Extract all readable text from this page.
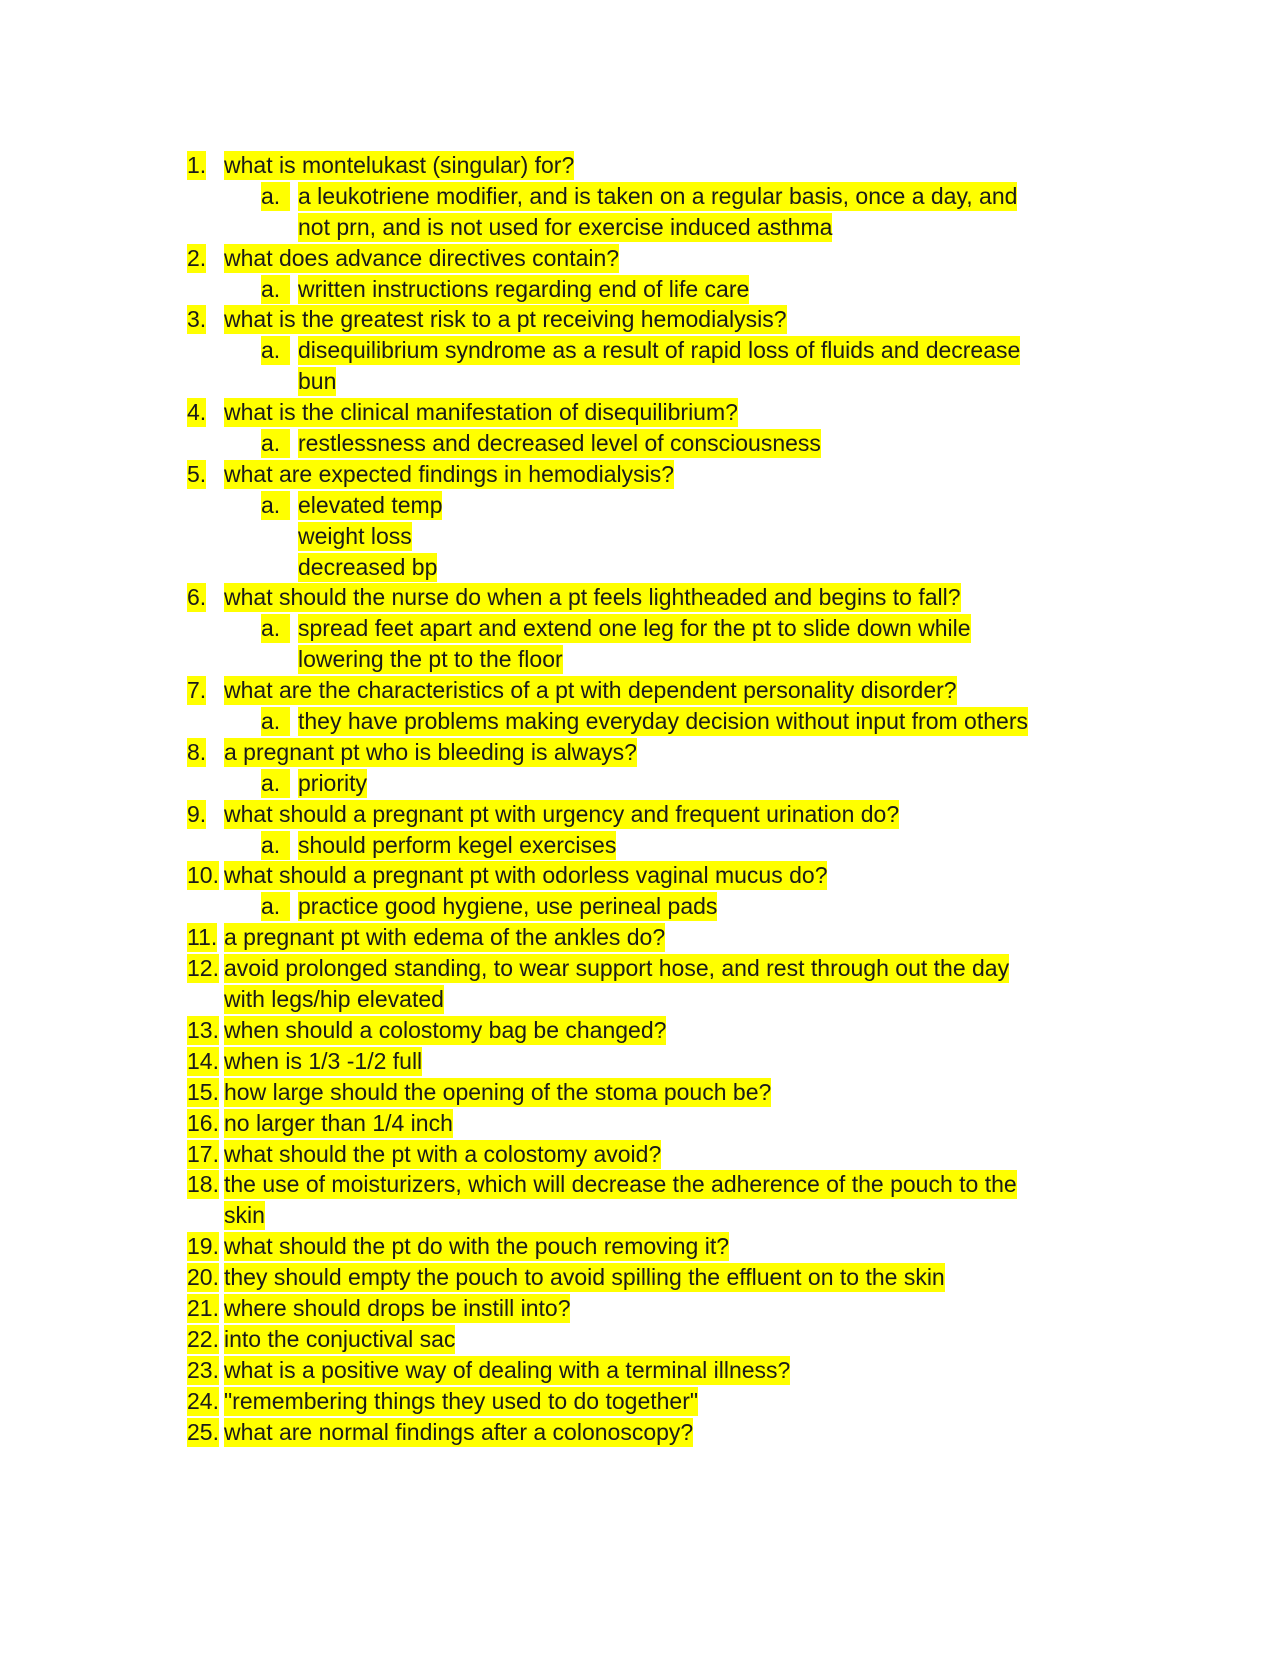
1. what is montelukast (singular) for?
a. a leukotriene modifier, and is taken on a regular basis, once a day, and
not prn, and is not used for exercise induced asthma
2. what does advance directives contain?
a. written instructions regarding end of life care
3. what is the greatest risk to a pt receiving hemodialysis?
a. disequilibrium syndrome as a result of rapid loss of fluids and decrease
bun
4. what is the clinical manifestation of disequilibrium?
a. restlessness and decreased level of consciousness
5. what are expected findings in hemodialysis?
a. elevated temp
weight loss
decreased bp
6. what should the nurse do when a pt feels lightheaded and begins to fall?
a. spread feet apart and extend one leg for the pt to slide down while
lowering the pt to the floor
7. what are the characteristics of a pt with dependent personality disorder?
a. they have problems making everyday decision without input from others
8. a pregnant pt who is bleeding is always?
a. priority
9. what should a pregnant pt with urgency and frequent urination do?
a. should perform kegel exercises
10. what should a pregnant pt with odorless vaginal mucus do?
a. practice good hygiene, use perineal pads
11. a pregnant pt with edema of the ankles do?
12. avoid prolonged standing, to wear support hose, and rest through out the day
with legs/hip elevated
13. when should a colostomy bag be changed?
14. when is 1/3 -1/2 full
15. how large should the opening of the stoma pouch be?
16. no larger than 1/4 inch
17. what should the pt with a colostomy avoid?
18. the use of moisturizers, which will decrease the adherence of the pouch to the
skin
19. what should the pt do with the pouch removing it?
20. they should empty the pouch to avoid spilling the effluent on to the skin
21. where should drops be instill into?
22. into the conjuctival sac
23. what is a positive way of dealing with a terminal illness?
24. "remembering things they used to do together"
25. what are normal findings after a colonoscopy?
